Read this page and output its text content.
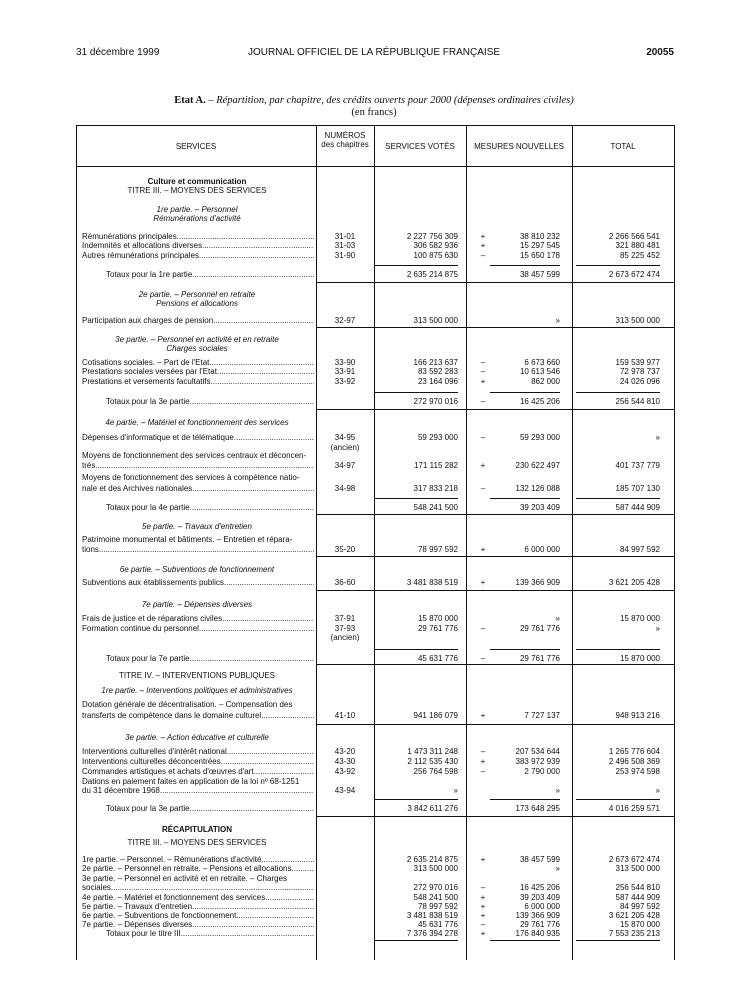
31 décembre 1999	JOURNAL OFFICIEL DE LA RÉPUBLIQUE FRANÇAISE	20055
Etat A. – Répartition, par chapitre, des crédits ouverts pour 2000 (dépenses ordinaires civiles)
(en francs)
SERVICES
NUMÉROS des chapitres	SERVICES VOTÉS	MESURES NOUVELLES	TOTAL
Culture et communication
TITRE III. – MOYENS DES SERVICES
1re partie. – Personnel
Rémunérations d'activité
Rémunérations principales .....	31-01	2 227 756 309	+	38 810 232	2 266 566 541
Indemnités et allocations diverses .....	31-03	306 582 936	+	15 297 545	321 880 481
Autres rémunérations principales .....	31-90	100 875 630	–	15 650 178	85 225 452
Totaux pour la 1re partie .....	2 635 214 875	38 457 599	2 673 672 474
2e partie. – Personnel en retraite
Pensions et allocations
Participation aux charges de pension .....	32-97	313 500 000	»	313 500 000
3e partie. – Personnel en activité et en retraite
Charges sociales
Cotisations sociales. – Part de l'Etat .....	33-90	166 213 637	–	6 673 660	159 539 977
Prestations sociales versées par l'Etat .....	33-91	83 592 283	–	10 613 546	72 978 737
Prestations et versements facultatifs .....	33-92	23 164 096	+	862 000	24 026 096
Totaux pour la 3e partie .....	272 970 016	–	16 425 206	256 544 810
4e partie. – Matériel et fonctionnement des services
Dépenses d'informatique et de télématique .....	34-95	59 293 000	–	59 293 000	»
(ancien)
Moyens de fonctionnement des services centraux et déconcen-
trés .....	34-97	171 115 282	+	230 622 497	401 737 779
Moyens de fonctionnement des services à compétence natio-
nale et des Archives nationales .....	34-98	317 833 218	–	132 126 088	185 707 130
Totaux pour la 4e partie .....	548 241 500	39 203 409	587 444 909
5e partie. – Travaux d'entretien
Patrimoine monumental et bâtiments. – Entretien et répara-
tions .....	35-20	78 997 592	+	6 000 000	84 997 592
6e partie. – Subventions de fonctionnement
Subventions aux établissements publics .....	36-60	3 481 838 519	+	139 366 909	3 621 205 428
7e partie. – Dépenses diverses
Frais de justice et de réparations civiles .....	37-91	15 870 000	»	15 870 000
Formation continue du personnel .....	37-93	29 761 776	–	29 761 776	»
(ancien)
Totaux pour la 7e partie .....	45 631 776	–	29 761 776	15 870 000
TITRE IV. – INTERVENTIONS PUBLIQUES
1re partie. – Interventions politiques et administratives
Dotation générale de décentralisation. – Compensation des
transferts de compétence dans le domaine culturel .....	41-10	941 186 079	+	7 727 137	948 913 216
3e partie. – Action éducative et culturelle
Interventions culturelles d'intérêt national .....	43-20	1 473 311 248	–	207 534 644	1 265 776 604
Interventions culturelles déconcentrées .....	43-30	2 112 535 430	+	383 972 939	2 496 508 369
Commandes artistiques et achats d'œuvres d'art .....	43-92	256 764 598	–	2 790 000	253 974 598
Dations en paiement faites en application de la loi nº 68-1251
du 31 décembre 1968 .....	43-94	»	»	»
Totaux pour la 3e partie .....	3 842 611 276	173 648 295	4 016 259 571
RÉCAPITULATION
TITRE III. – MOYENS DES SERVICES
1re partie. – Personnel. – Rémunérations d'activité .....	2 635 214 875	+	38 457 599	2 673 672 474
2e partie. – Personnel en retraite. – Pensions et allocations .....	313 500 000	»	313 500 000
3e partie. – Personnel en activité et en retraite. – Charges
sociales .....	272 970 016	–	16 425 206	256 544 810
4e partie. – Matériel et fonctionnement des services .....	548 241 500	+	39 203 409	587 444 909
5e partie. – Travaux d'entretien .....	78 997 592	+	6 000 000	84 997 592
6e partie. – Subventions de fonctionnement .....	3 481 838 519	+	139 366 909	3 621 205 428
7e partie. – Dépenses diverses .....	45 631 776	–	29 761 776	15 870 000
Totaux pour le titre III .....	7 376 394 278	+	176 840 935	7 553 235 213
